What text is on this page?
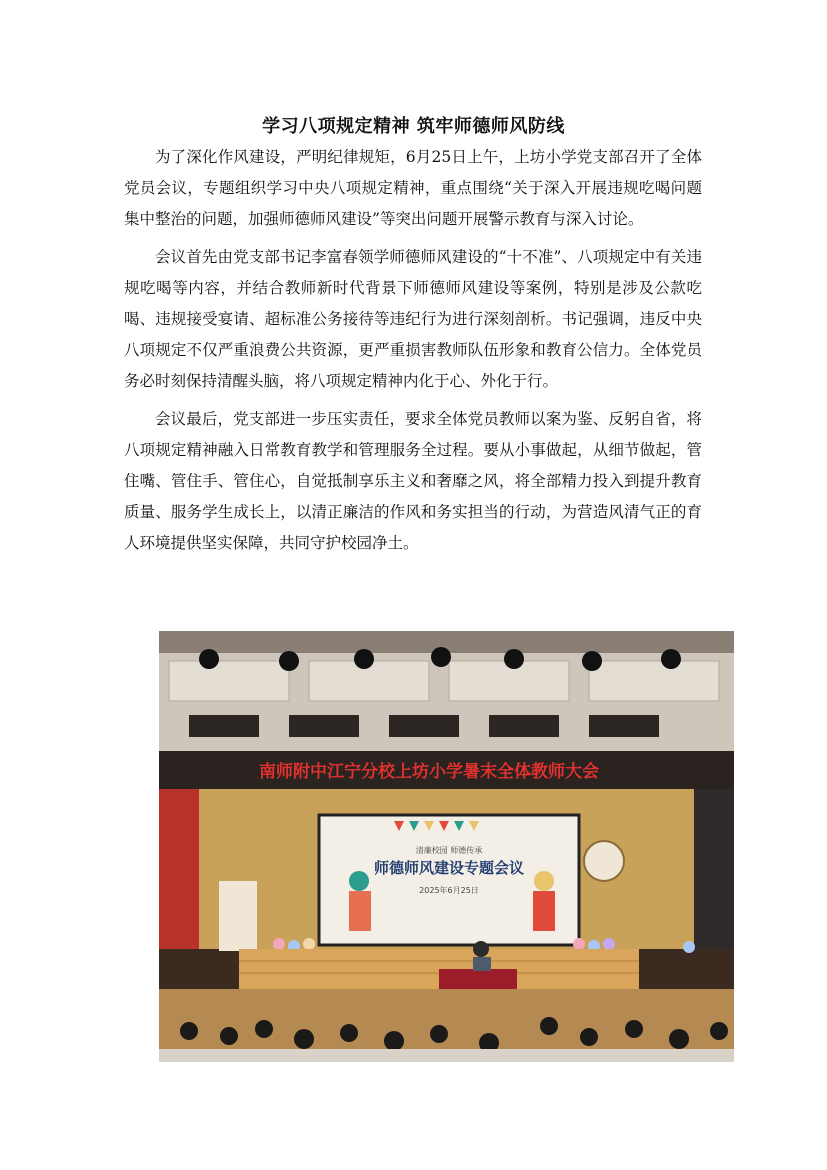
学习八项规定精神 筑牢师德师风防线

为了深化作风建设，严明纪律规矩，6月25日上午，上坊小学党支部召开了全体党员会议，专题组织学习中央八项规定精神，重点围绕“关于深入开展违规吃喝问题集中整治的问题，加强师德师风建设”等突出问题开展警示教育与深入讨论。

会议首先由党支部书记李富春领学师德师风建设的“十不准”、八项规定中有关违规吃喝等内容，并结合教师新时代背景下师德师风建设等案例，特别是涉及公款吃喝、违规接受宴请、超标准公务接待等违纪行为进行深刻剖析。书记强调，违反中央八项规定不仅严重浪费公共资源，更严重损害教师队伍形象和教育公信力。全体党员务必时刻保持清醒头脑，将八项规定精神内化于心、外化于行。

会议最后，党支部进一步压实责任，要求全体党员教师以案为鉴、反躬自省，将八项规定精神融入日常教育教学和管理服务全过程。要从小事做起，从细节做起，管住嘴、管住手、管住心，自觉抵制享乐主义和奢靡之风，将全部精力投入到提升教育质量、服务学生成长上，以清正廉洁的作风和务实担当的行动，为营造风清气正的育人环境提供坚实保障，共同守护校园净土。

南师附中江宁分校上坊小学暑末全体教师大会
清廉校园 师德传承
师德师风建设专题会议
2025年6月25日
